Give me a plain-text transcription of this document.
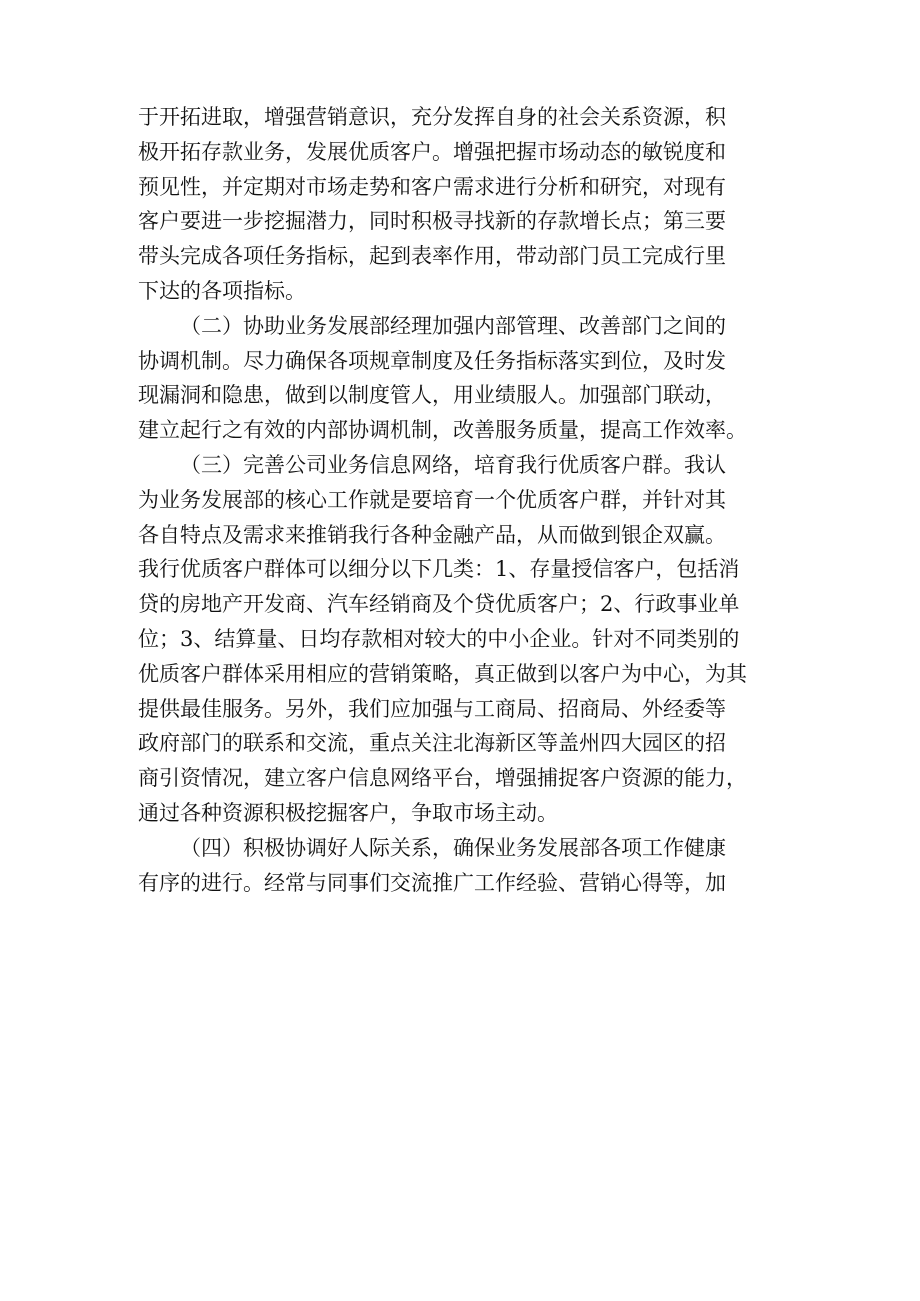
于开拓进取，增强营销意识，充分发挥自身的社会关系资源，积
极开拓存款业务，发展优质客户。增强把握市场动态的敏锐度和
预见性，并定期对市场走势和客户需求进行分析和研究，对现有
客户要进一步挖掘潜力，同时积极寻找新的存款增长点；第三要
带头完成各项任务指标，起到表率作用，带动部门员工完成行里
下达的各项指标。
（二）协助业务发展部经理加强内部管理、改善部门之间的
协调机制。尽力确保各项规章制度及任务指标落实到位，及时发
现漏洞和隐患，做到以制度管人，用业绩服人。加强部门联动，
建立起行之有效的内部协调机制，改善服务质量，提高工作效率。
（三）完善公司业务信息网络，培育我行优质客户群。我认
为业务发展部的核心工作就是要培育一个优质客户群，并针对其
各自特点及需求来推销我行各种金融产品，从而做到银企双赢。
我行优质客户群体可以细分以下几类：1、存量授信客户，包括消
贷的房地产开发商、汽车经销商及个贷优质客户；2、行政事业单
位；3、结算量、日均存款相对较大的中小企业。针对不同类别的
优质客户群体采用相应的营销策略，真正做到以客户为中心，为其
提供最佳服务。另外，我们应加强与工商局、招商局、外经委等
政府部门的联系和交流，重点关注北海新区等盖州四大园区的招
商引资情况，建立客户信息网络平台，增强捕捉客户资源的能力，
通过各种资源积极挖掘客户，争取市场主动。
（四）积极协调好人际关系，确保业务发展部各项工作健康
有序的进行。经常与同事们交流推广工作经验、营销心得等，加
